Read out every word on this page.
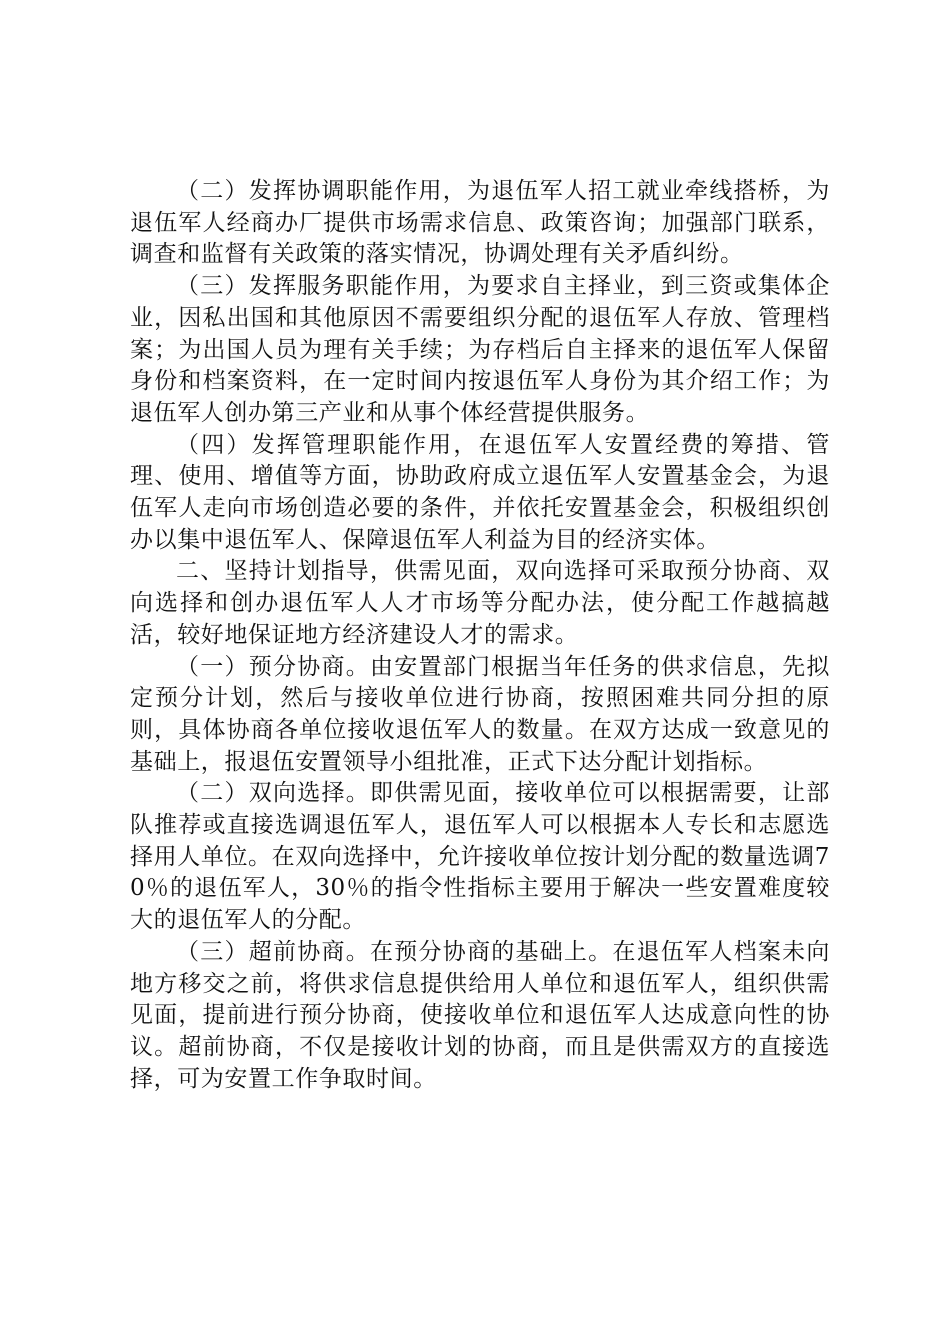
（二）发挥协调职能作用，为退伍军人招工就业牵线搭桥，为退伍军人经商办厂提供市场需求信息、政策咨询；加强部门联系，调查和监督有关政策的落实情况，协调处理有关矛盾纠纷。

（三）发挥服务职能作用，为要求自主择业，到三资或集体企业，因私出国和其他原因不需要组织分配的退伍军人存放、管理档案；为出国人员为理有关手续；为存档后自主择来的退伍军人保留身份和档案资料，在一定时间内按退伍军人身份为其介绍工作；为退伍军人创办第三产业和从事个体经营提供服务。

（四）发挥管理职能作用，在退伍军人安置经费的筹措、管理、使用、增值等方面，协助政府成立退伍军人安置基金会，为退伍军人走向市场创造必要的条件，并依托安置基金会，积极组织创办以集中退伍军人、保障退伍军人利益为目的经济实体。

二、坚持计划指导，供需见面，双向选择可采取预分协商、双向选择和创办退伍军人人才市场等分配办法，使分配工作越搞越活，较好地保证地方经济建设人才的需求。

（一）预分协商。由安置部门根据当年任务的供求信息，先拟定预分计划，然后与接收单位进行协商，按照困难共同分担的原则，具体协商各单位接收退伍军人的数量。在双方达成一致意见的基础上，报退伍安置领导小组批准，正式下达分配计划指标。

（二）双向选择。即供需见面，接收单位可以根据需要，让部队推荐或直接选调退伍军人，退伍军人可以根据本人专长和志愿选择用人单位。在双向选择中，允许接收单位按计划分配的数量选调70％的退伍军人，30％的指令性指标主要用于解决一些安置难度较大的退伍军人的分配。

（三）超前协商。在预分协商的基础上。在退伍军人档案未向地方移交之前，将供求信息提供给用人单位和退伍军人，组织供需见面，提前进行预分协商，使接收单位和退伍军人达成意向性的协议。超前协商，不仅是接收计划的协商，而且是供需双方的直接选择，可为安置工作争取时间。
